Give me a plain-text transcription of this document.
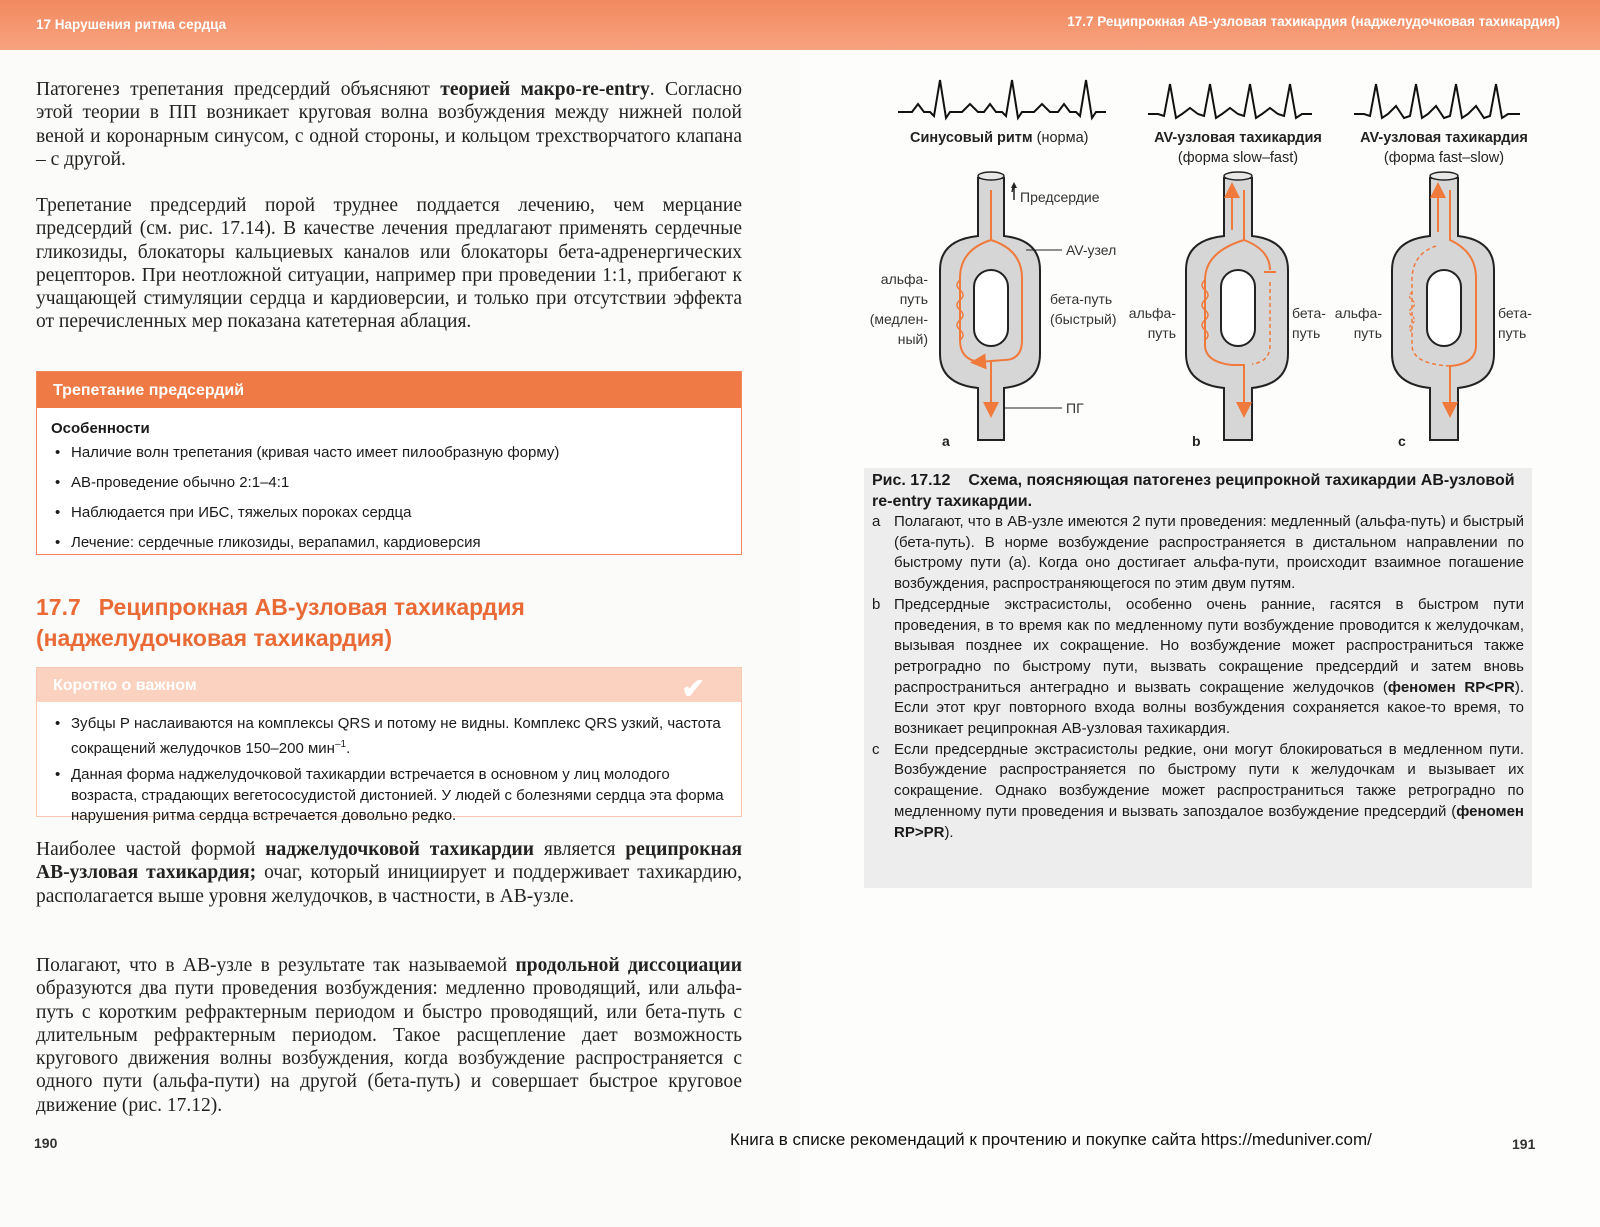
17 Нарушения ритма сердца

Патогенез трепетания предсердий объясняют теорией макро-re-entry. Согласно этой теории в ПП возникает круговая волна возбуждения между нижней полой веной и коронарным синусом, с одной стороны, и кольцом трехстворчатого клапана – с другой.

Трепетание предсердий порой труднее поддается лечению, чем мерцание предсердий (см. рис. 17.14). В качестве лечения предлагают применять сердечные гликозиды, блокаторы кальциевых каналов или блокаторы бета-адренергических рецепторов. При неотложной ситуации, например при проведении 1:1, прибегают к учащающей стимуляции сердца и кардиоверсии, и только при отсутствии эффекта от перечисленных мер показана катетерная аблация.

Трепетание предсердий
Особенности
• Наличие волн трепетания (кривая часто имеет пилообразную форму)
• АВ-проведение обычно 2:1–4:1
• Наблюдается при ИБС, тяжелых пороках сердца
• Лечение: сердечные гликозиды, верапамил, кардиоверсия
17.7 Реципрокная АВ-узловая тахикардия
(наджелудочковая тахикардия)
Коротко о важном	✔
• Зубцы Р наслаиваются на комплексы QRS и потому не видны. Комплекс QRS узкий, частота сокращений желудочков 150–200 мин$^{-1}$.
• Данная форма наджелудочковой тахикардии встречается в основном у лиц молодого возраста, страдающих вегетососудистой дистонией. У людей с болезнями сердца эта форма нарушения ритма сердца встречается довольно редко.

Наиболее частой формой наджелудочковой тахикардии является реципрокная АВ-узловая тахикардия; очаг, который инициирует и поддерживает тахикардию, располагается выше уровня желудочков, в частности, в АВ-узле.

Полагают, что в АВ-узле в результате так называемой продольной диссоциации образуются два пути проведения возбуждения: медленно проводящий, или альфа-путь с коротким рефрактерным периодом и быстро проводящий, или бета-путь с длительным рефрактерным периодом. Такое расщепление дает возможность кругового движения волны возбуждения, когда возбуждение распространяется с одного пути (альфа-пути) на другой (бета-путь) и совершает быстрое круговое движение (рис. 17.12).

190
17.7 Реципрокная АВ-узловая тахикардия (наджелудочковая тахикардия)
Синусовый ритм (норма)	AV-узловая тахикардия
(форма slow–fast)
AV-узловая тахикардия
(форма fast–slow)
Предсердие
AV-узел
ПГ
альфа-
путь
(медлен-
ный)
бета-путь
(быстрый)
a
альфа-
путь
бета-
путь
b
альфа-
путь
бета-
путь
c
Рис. 17.12 Схема, поясняющая патогенез реципрокной тахикардии АВ-узловой re-entry тахикардии.
a Полагают, что в АВ-узле имеются 2 пути проведения: медленный (альфа-путь) и быстрый (бета-путь). В норме возбуждение распространяется в дистальном направлении по быстрому пути (a). Когда оно достигает альфа-пути, происходит взаимное погашение возбуждения, распространяющегося по этим двум путям.
b Предсердные экстрасистолы, особенно очень ранние, гасятся в быстром пути проведения, в то время как по медленному пути возбуждение проводится к желудочкам, вызывая позднее их сокращение. Но возбуждение может распространиться также ретроградно по быстрому пути, вызвать сокращение предсердий и затем вновь распространиться антеградно и вызвать сокращение желудочков (феномен RP<PR). Если этот круг повторного входа волны возбуждения сохраняется какое-то время, то возникает реципрокная АВ-узловая тахикардия.
c Если предсердные экстрасистолы редкие, они могут блокироваться в медленном пути. Возбуждение распространяется по быстрому пути к желудочкам и вызывает их сокращение. Однако возбуждение может распространиться также ретроградно по медленному пути проведения и вызвать запоздалое возбуждение предсердий (феномен RP>PR).
191
Книга в списке рекомендаций к прочтению и покупке сайта https://meduniver.com/
